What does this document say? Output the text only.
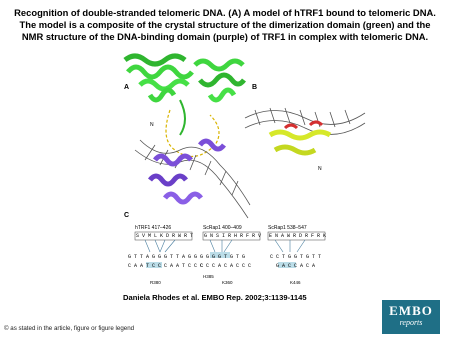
Recognition of double-stranded telomeric DNA. (A) A model of hTRF1 bound to telomeric DNA. The model is a composite of the crystal structure of the dimerization domain (green) and the NMR structure of the DNA-binding domain (purple) of TRF1 in complex with telomeric DNA.
A	B
C
N
N
hTRF1 417–426
S V M L K D R W R T
G T T A G G G T T A G G G
C A A T C C C A A T C C C
R380
ScRap1 400–409
G N S I R H R F R V
G G G T G T G
C C C A C A C C C
H385
K360
ScRap1 538–547
E N A W R D R F R K
C C T G G T G T T
G A C C A C A
K446
Daniela Rhodes et al. EMBO Rep. 2002;3:1139-1145
© as stated in the article, figure or figure legend
EMBO
reports
